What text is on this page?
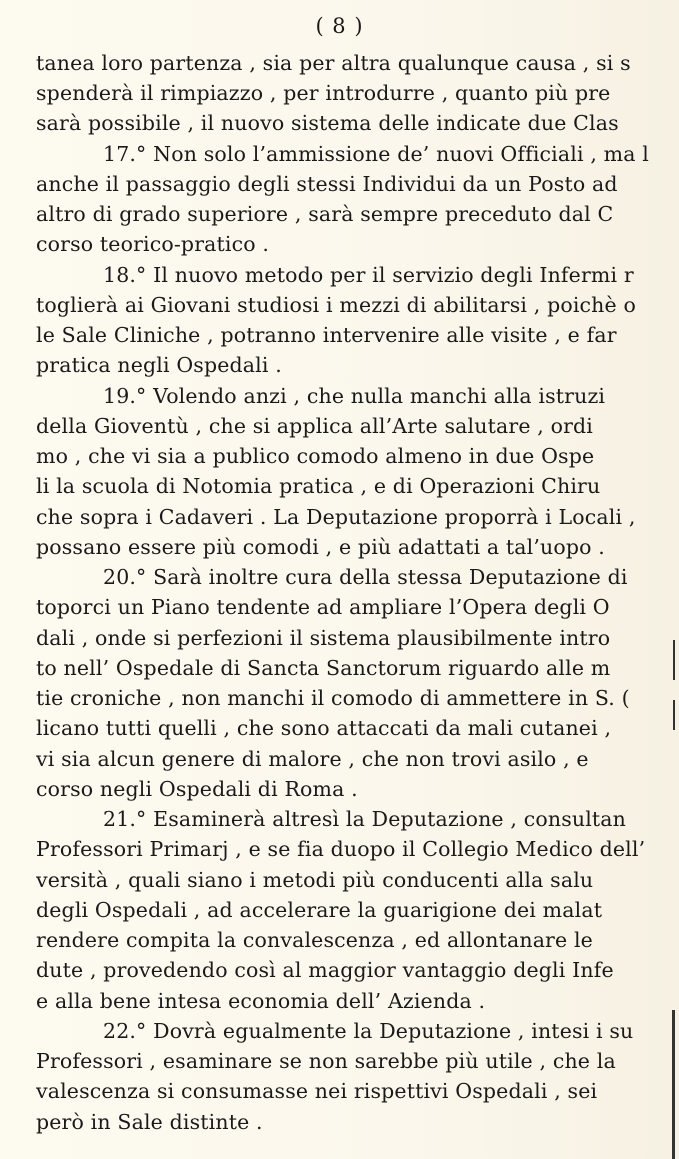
( 8 )
tanea loro partenza , sia per altra qualunque causa , si s
spenderà il rimpiazzo , per introdurre , quanto più pre
sarà possibile , il nuovo sistema delle indicate due Clas
17.° Non solo l’ammissione de’ nuovi Officiali , ma l
anche il passaggio degli stessi Individui da un Posto ad
altro di grado superiore , sarà sempre preceduto dal C
corso teorico-pratico .
18.° Il nuovo metodo per il servizio degli Infermi r
toglierà ai Giovani studiosi i mezzi di abilitarsi , poichè o
le Sale Cliniche , potranno intervenire alle visite , e far
pratica negli Ospedali .
19.° Volendo anzi , che nulla manchi alla istruzi
della Gioventù , che si applica all’Arte salutare , ordi
mo , che vi sia a publico comodo almeno in due Ospe
li la scuola di Notomia pratica , e di Operazioni Chiru
che sopra i Cadaveri . La Deputazione proporrà i Locali ,
possano essere più comodi , e più adattati a tal’uopo .
20.° Sarà inoltre cura della stessa Deputazione di
toporci un Piano tendente ad ampliare l’Opera degli O
dali , onde si perfezioni il sistema plausibilmente intro
to nell’ Ospedale di Sancta Sanctorum riguardo alle m
tie croniche , non manchi il comodo di ammettere in S. (
licano tutti quelli , che sono attaccati da mali cutanei ,
vi sia alcun genere di malore , che non trovi asilo , e
corso negli Ospedali di Roma .
21.° Esaminerà altresì la Deputazione , consultan
Professori Primarj , e se fia duopo il Collegio Medico dell’
versità , quali siano i metodi più conducenti alla salu
degli Ospedali , ad accelerare la guarigione dei malat
rendere compita la convalescenza , ed allontanare le
dute , provedendo così al maggior vantaggio degli Infe
e alla bene intesa economia dell’ Azienda .
22.° Dovrà egualmente la Deputazione , intesi i su
Professori , esaminare se non sarebbe più utile , che la
valescenza si consumasse nei rispettivi Ospedali , sei
però in Sale distinte .
